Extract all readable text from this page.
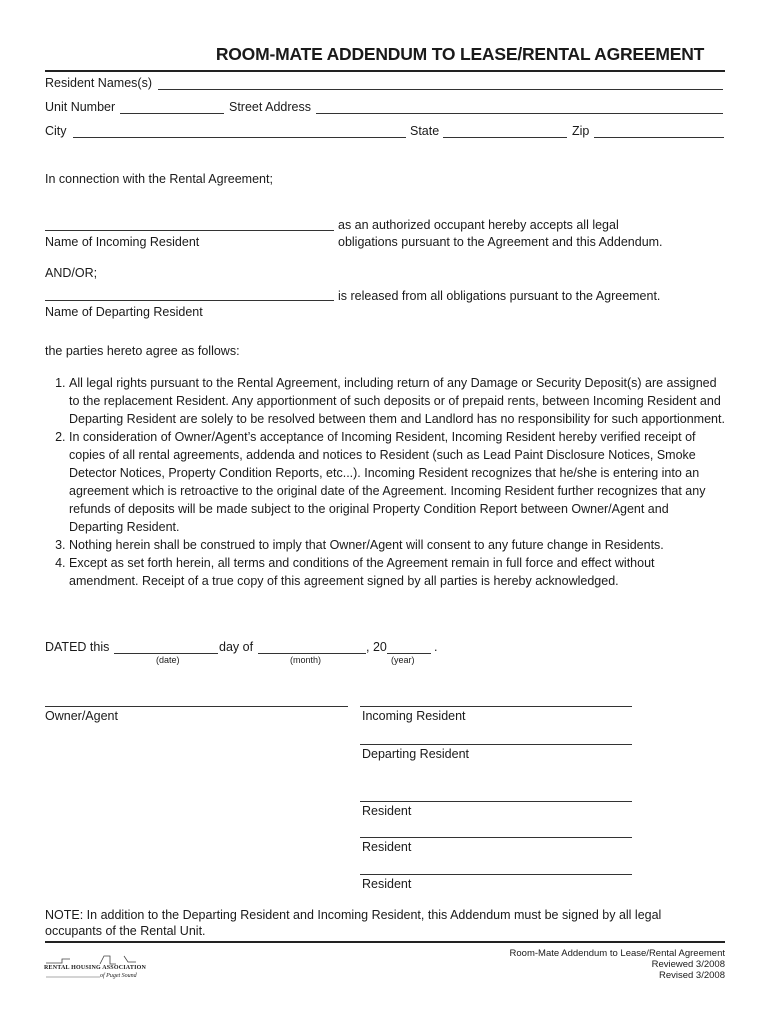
ROOM-MATE ADDENDUM TO LEASE/RENTAL AGREEMENT
Resident Names(s)
Unit Number	Street Address
City	State	Zip
In connection with the Rental Agreement;
as an authorized occupant hereby accepts all legal
obligations pursuant to the Agreement and this Addendum.
Name of Incoming Resident
AND/OR;
is released from all obligations pursuant to the Agreement.
Name of Departing Resident
the parties hereto agree as follows:
1. All legal rights pursuant to the Rental Agreement, including return of any Damage or Security Deposit(s) are assigned to the replacement Resident. Any apportionment of such deposits or of prepaid rents, between Incoming Resident and Departing Resident are solely to be resolved between them and Landlord has no responsibility for such apportionment.
2. In consideration of Owner/Agent’s acceptance of Incoming Resident, Incoming Resident hereby verified receipt of copies of all rental agreements, addenda and notices to Resident (such as Lead Paint Disclosure Notices, Smoke Detector Notices, Property Condition Reports, etc...). Incoming Resident recognizes that he/she is entering into an agreement which is retroactive to the original date of the Agreement. Incoming Resident further recognizes that any refunds of deposits will be made subject to the original Property Condition Report between Owner/Agent and Departing Resident.
3. Nothing herein shall be construed to imply that Owner/Agent will consent to any future change in Residents.
4. Except as set forth herein, all terms and conditions of the Agreement remain in full force and effect without amendment. Receipt of a true copy of this agreement signed by all parties is hereby acknowledged.
DATED this	day of	, 20	.
(date)	(month)	(year)
Owner/Agent	Incoming Resident
Departing Resident
Resident
Resident
Resident
NOTE: In addition to the Departing Resident and Incoming Resident, this Addendum must be signed by all legal
occupants of the Rental Unit.
RENTAL HOUSING ASSOCIATION
of Puget Sound
Room-Mate Addendum to Lease/Rental Agreement
Reviewed 3/2008
Revised 3/2008
